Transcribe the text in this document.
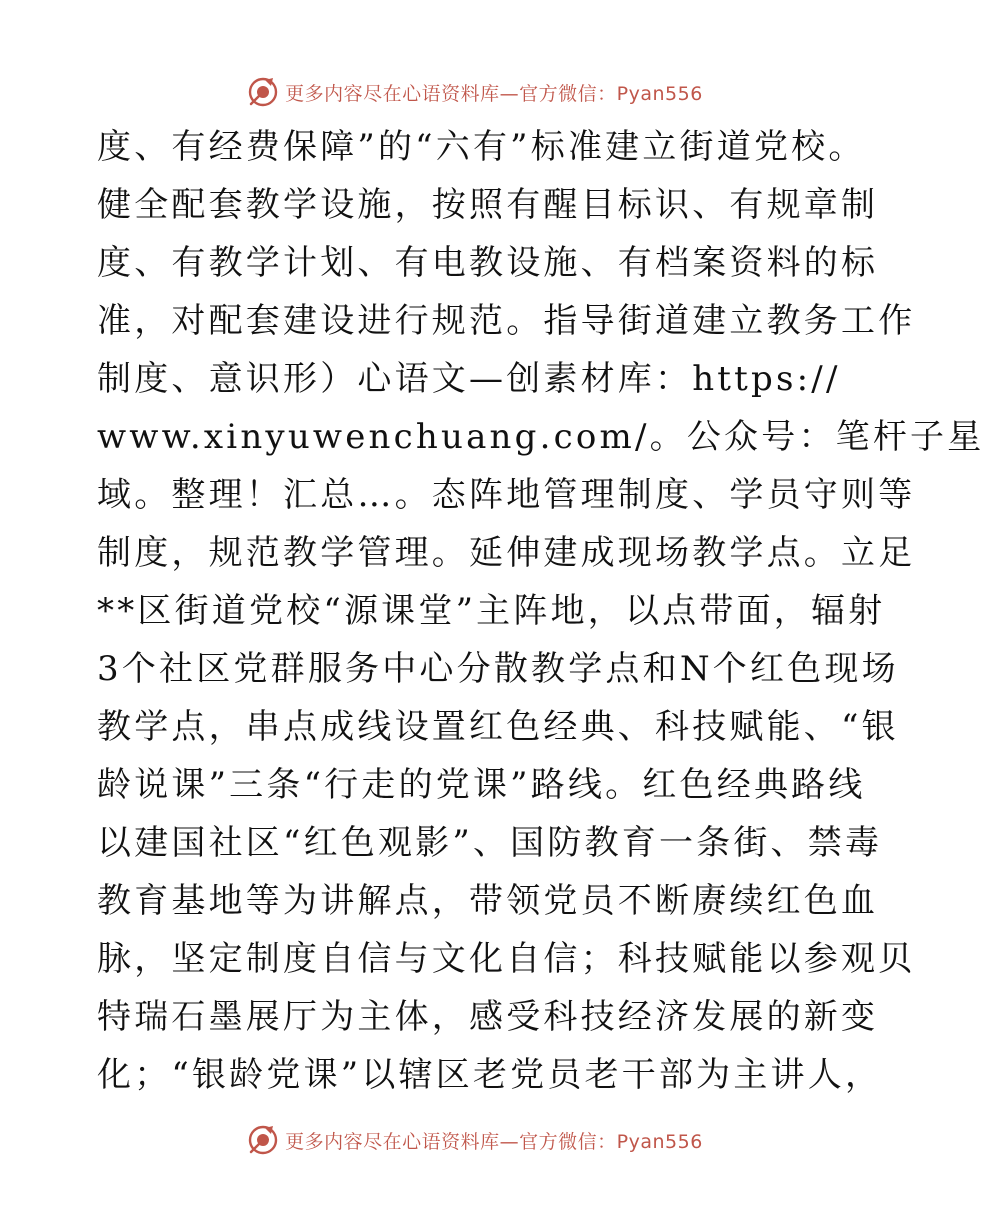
更多内容尽在心语资料库—官方微信：Pyan556
度、有经费保障”的“六有”标准建立街道党校。
健全配套教学设施，按照有醒目标识、有规章制
度、有教学计划、有电教设施、有档案资料的标
准，对配套建设进行规范。指导街道建立教务工作
制度、意识形）心语文—创素材库：https://
www.xinyuwenchuang.com/。公众号：笔杆子星
域。整理！汇总…。态阵地管理制度、学员守则等
制度，规范教学管理。延伸建成现场教学点。立足
**区街道党校“源课堂”主阵地，以点带面，辐射
3个社区党群服务中心分散教学点和N个红色现场
教学点，串点成线设置红色经典、科技赋能、“银
龄说课”三条“行走的党课”路线。红色经典路线
以建国社区“红色观影”、国防教育一条街、禁毒
教育基地等为讲解点，带领党员不断赓续红色血
脉，坚定制度自信与文化自信；科技赋能以参观贝
特瑞石墨展厅为主体，感受科技经济发展的新变
化；“银龄党课”以辖区老党员老干部为主讲人，
更多内容尽在心语资料库—官方微信：Pyan556
